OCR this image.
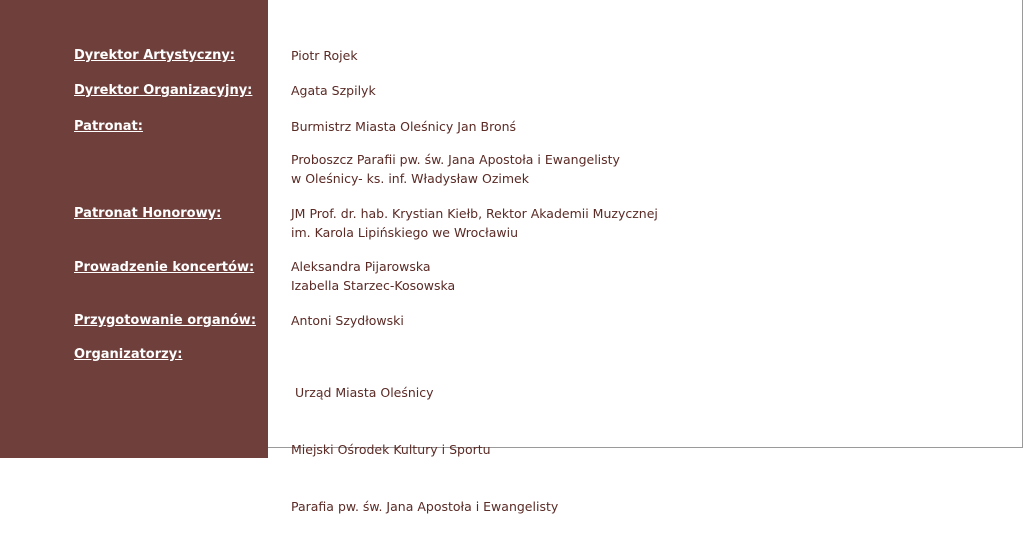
Dyrektor Artystyczny:	Piotr Rojek
Dyrektor Organizacyjny:	Agata Szpilyk
Patronat:	Burmistrz Miasta Oleśnicy Jan Bronś
Proboszcz Parafii pw. św. Jana Apostoła i Ewangelisty
w Oleśnicy- ks. inf. Władysław Ozimek
Patronat Honorowy:	JM Prof. dr. hab. Krystian Kiełb, Rektor Akademii Muzycznej
im. Karola Lipińskiego we Wrocławiu
Prowadzenie koncertów:	Aleksandra Pijarowska
Izabella Starzec-Kosowska
Przygotowanie organów:	Antoni Szydłowski
Organizatorzy:

Urząd Miasta Oleśnicy

Miejski Ośrodek Kultury i Sportu

Parafia pw. św. Jana Apostoła i Ewangelisty
